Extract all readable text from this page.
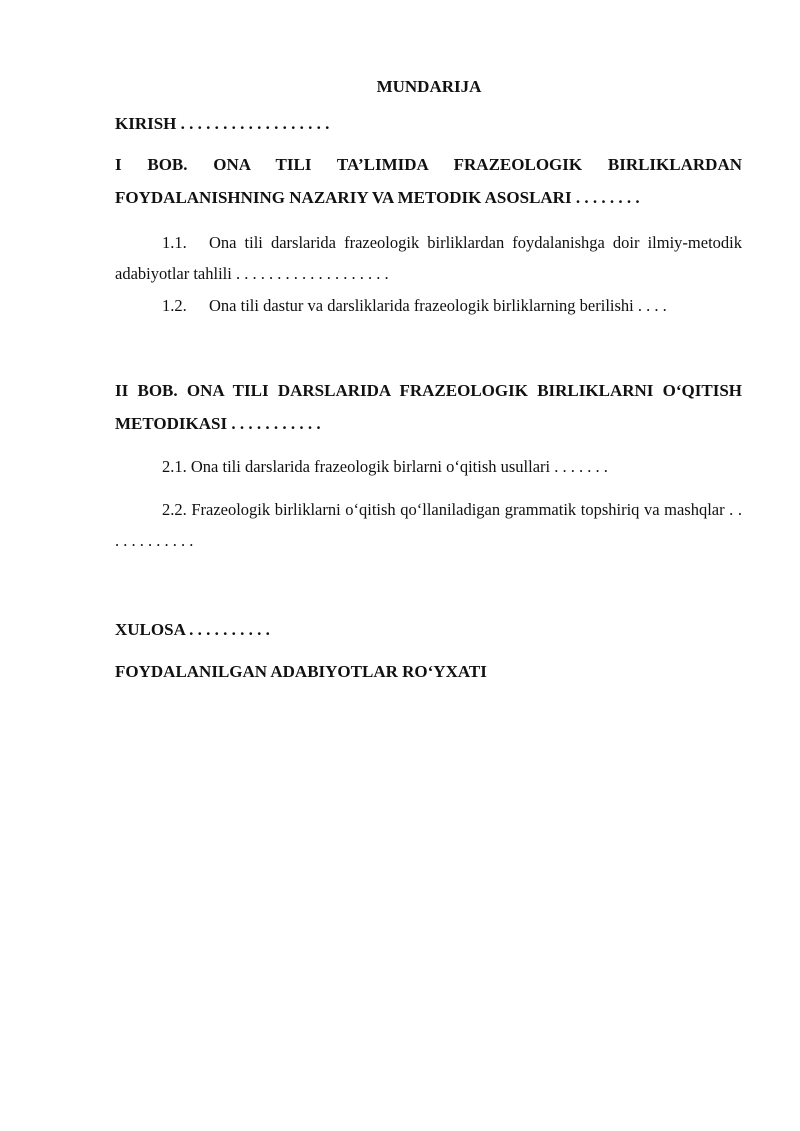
MUNDARIJA
KIRISH . . . . . . . . . . . . . . . . . .
I BOB. ONA TILI TA’LIMIDA FRAZEOLOGIK BIRLIKLARDAN FOYDALANISHNING NAZARIY VA METODIK ASOSLARI . . . . . . . .
1.1. Ona tili darslarida frazeologik birliklardan foydalanishga doir ilmiy-metodik adabiyotlar tahlili . . . . . . . . . . . . . . . . . . .
1.2. Ona tili dastur va darsliklarida frazeologik birliklarning berilishi . . . .
II BOB. ONA TILI DARSLARIDA FRAZEOLOGIK BIRLIKLARNI O‘QITISH METODIKASI . . . . . . . . . . .
2.1. Ona tili darslarida frazeologik birlarni o‘qitish usullari . . . . . . .
2.2. Frazeologik birliklarni o‘qitish qo‘llaniladigan grammatik topshiriq va mashqlar . . . . . . . . . . . .
XULOSA . . . . . . . . . .
FOYDALANILGAN ADABIYOTLAR RO‘YXATI
